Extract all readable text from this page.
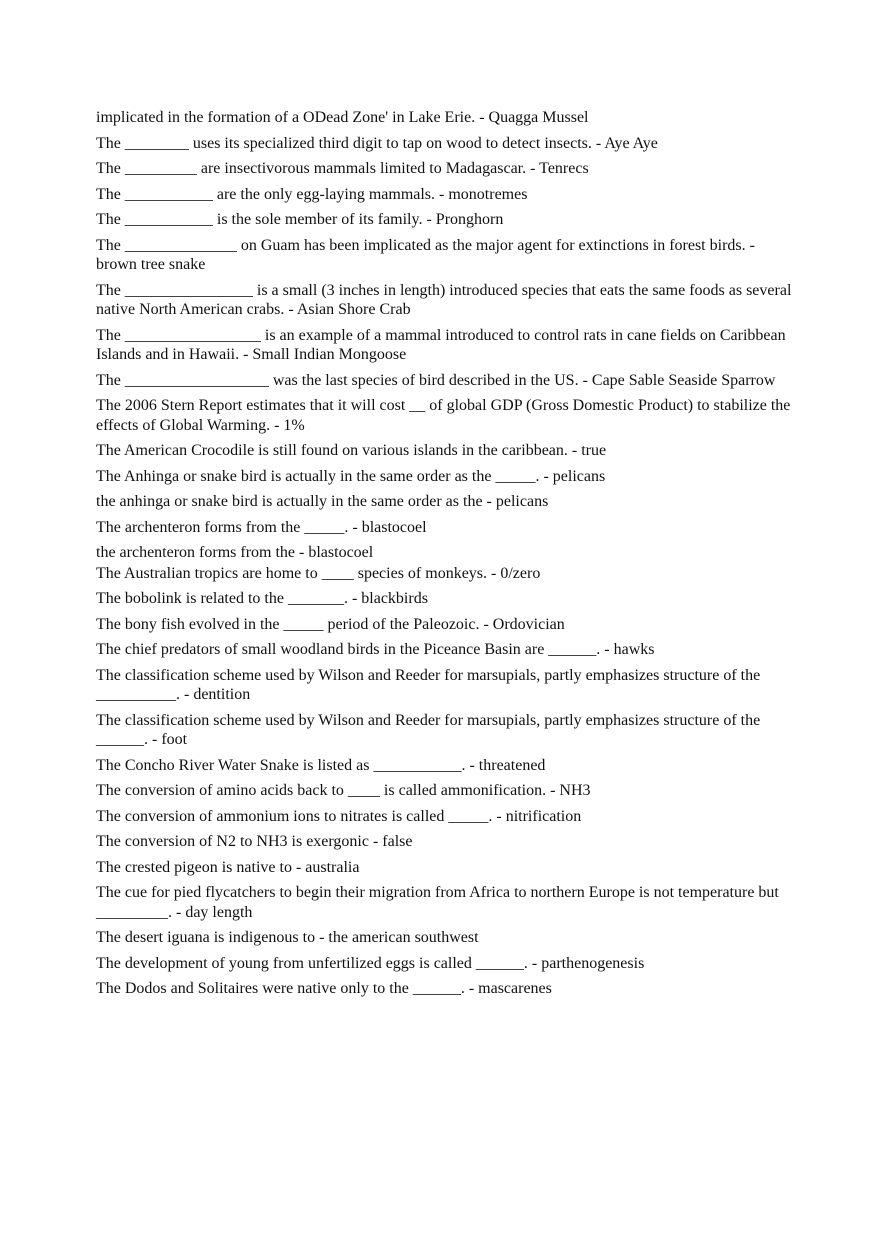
implicated in the formation of a ODead Zone' in Lake Erie. - Quagga Mussel
The ________ uses its specialized third digit to tap on wood to detect insects. - Aye Aye
The _________ are insectivorous mammals limited to Madagascar. - Tenrecs
The ___________ are the only egg-laying mammals. - monotremes
The ___________ is the sole member of its family. - Pronghorn
The ______________ on Guam has been implicated as the major agent for extinctions in forest birds. - brown tree snake
The ________________ is a small (3 inches in length) introduced species that eats the same foods as several native North American crabs. - Asian Shore Crab
The _________________ is an example of a mammal introduced to control rats in cane fields on Caribbean Islands and in Hawaii. - Small Indian Mongoose
The __________________ was the last species of bird described in the US. - Cape Sable Seaside Sparrow
The 2006 Stern Report estimates that it will cost __ of global GDP (Gross Domestic Product) to stabilize the effects of Global Warming. - 1%
The American Crocodile is still found on various islands in the caribbean. - true
The Anhinga or snake bird is actually in the same order as the _____. - pelicans
the anhinga or snake bird is actually in the same order as the - pelicans
The archenteron forms from the _____. - blastocoel
the archenteron forms from the - blastocoel
The Australian tropics are home to ____ species of monkeys. - 0/zero
The bobolink is related to the _______. - blackbirds
The bony fish evolved in the _____ period of the Paleozoic. - Ordovician
The chief predators of small woodland birds in the Piceance Basin are ______. - hawks
The classification scheme used by Wilson and Reeder for marsupials, partly emphasizes structure of the __________. - dentition
The classification scheme used by Wilson and Reeder for marsupials, partly emphasizes structure of the ______. - foot
The Concho River Water Snake is listed as ___________. - threatened
The conversion of amino acids back to ____ is called ammonification. - NH3
The conversion of ammonium ions to nitrates is called _____. - nitrification
The conversion of N2 to NH3 is exergonic - false
The crested pigeon is native to - australia
The cue for pied flycatchers to begin their migration from Africa to northern Europe is not temperature but _________. - day length
The desert iguana is indigenous to - the american southwest
The development of young from unfertilized eggs is called ______. - parthenogenesis
The Dodos and Solitaires were native only to the ______. - mascarenes
